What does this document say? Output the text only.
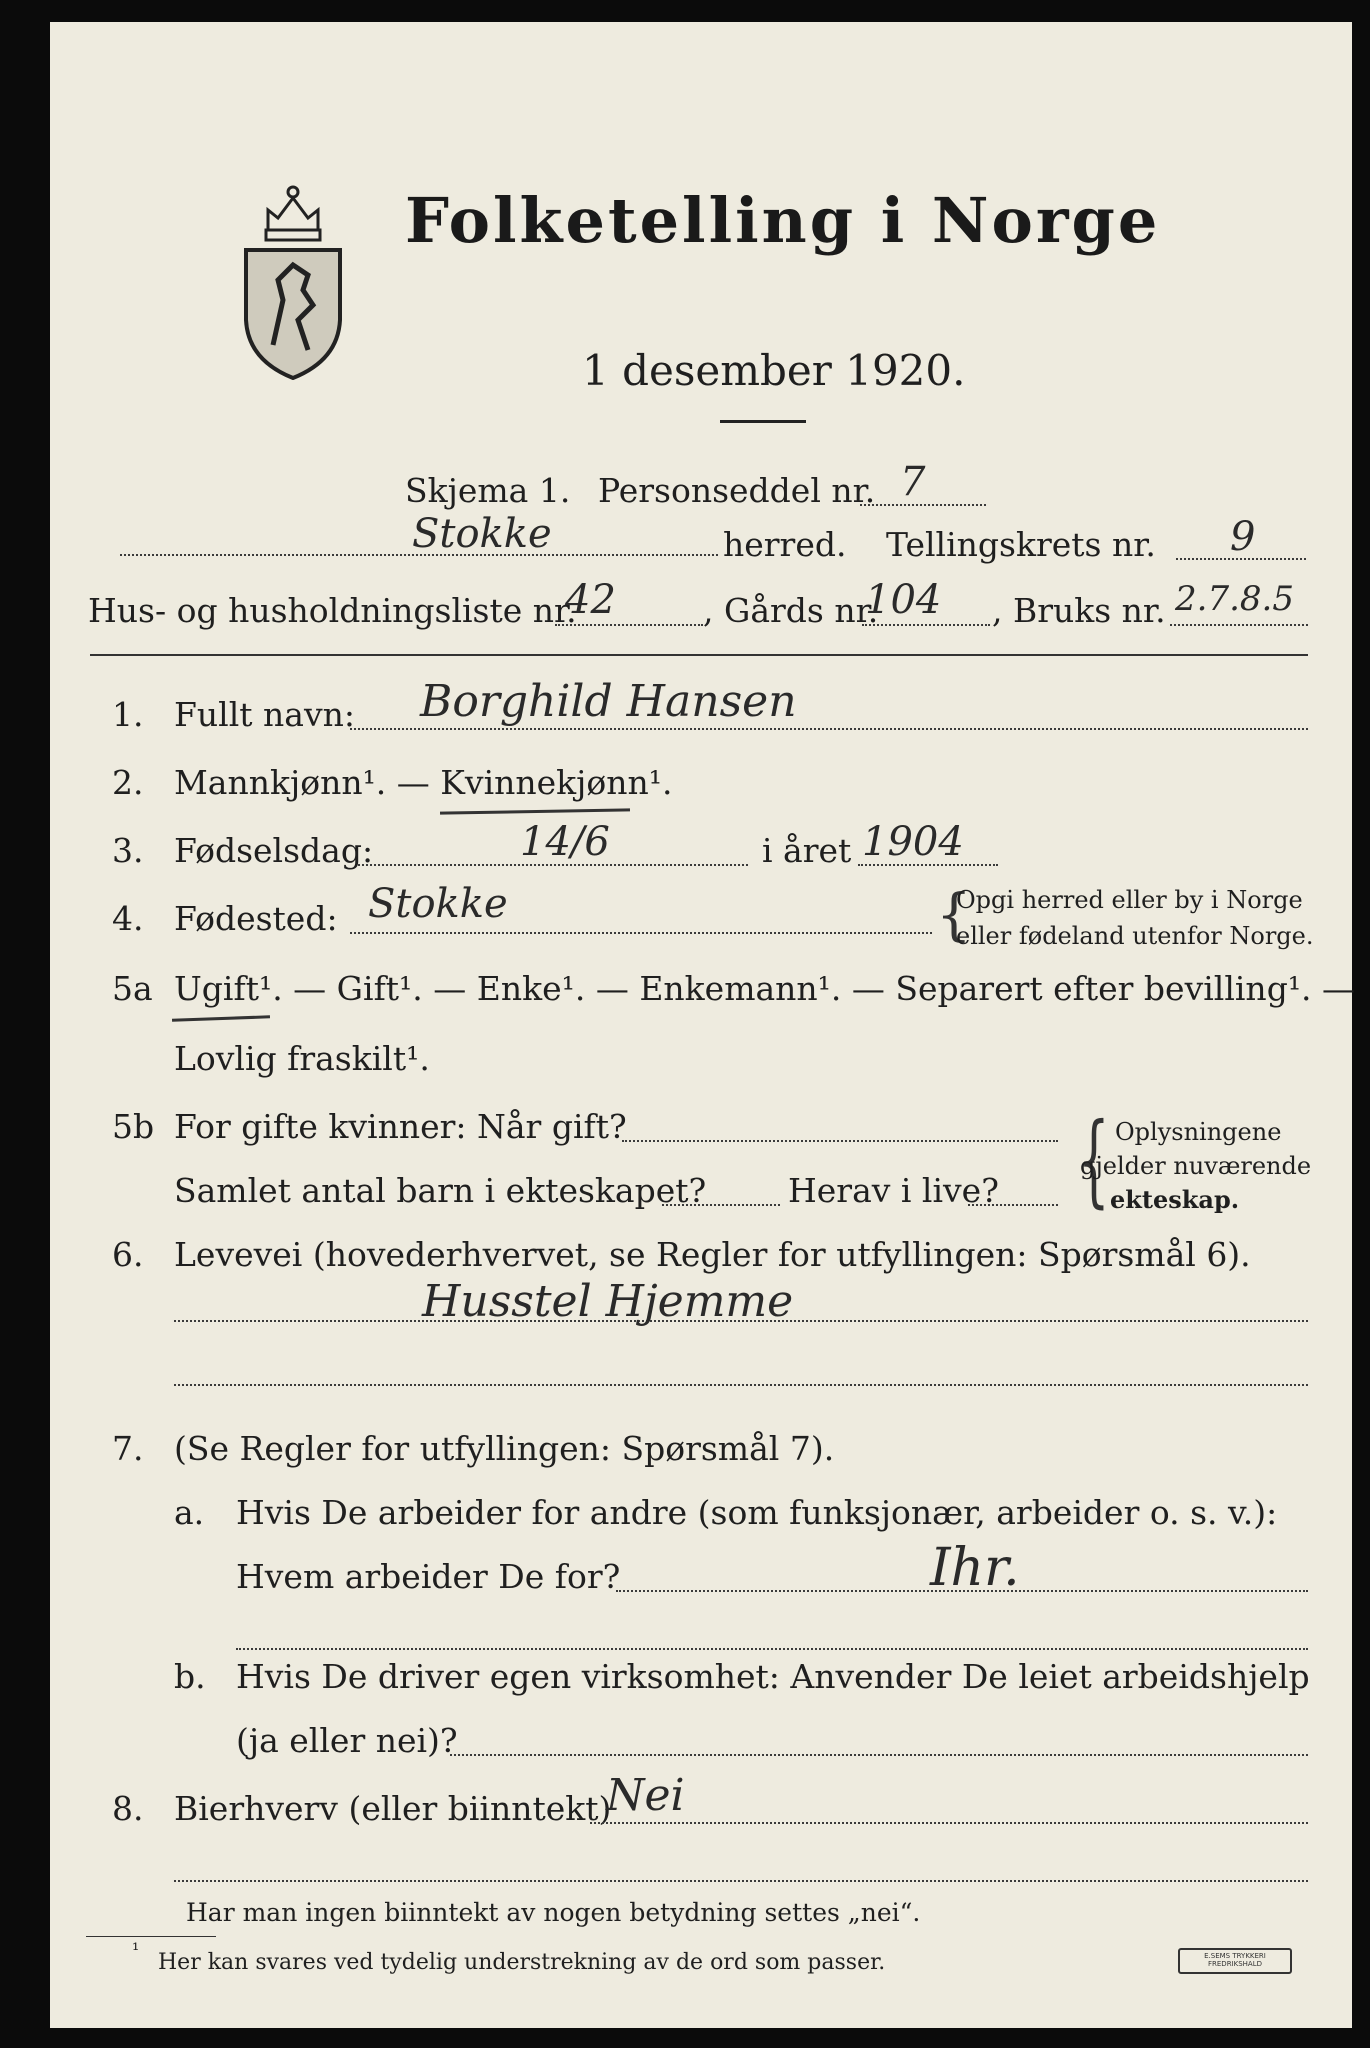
Folketelling i Norge
1 desember 1920.
Skjema 1. Personseddel nr. 7
Stokke	herred. Tellingskrets nr. 9
Hus- og husholdningsliste nr.
42	, Gårds nr.
104 , Bruks nr. 2.7.8.5
1. Fullt navn: Borghild Hansen
2. Mannkjønn¹. — Kvinnekjønn¹.
3. Fødselsdag:	14/6	i året 1904
4. Fødested: Stokke	{
Opgi herred eller by i Norge
eller fødeland utenfor Norge.
5a Ugift¹. — Gift¹. — Enke¹. — Enkemann¹. — Separert efter bevilling¹. —
Lovlig fraskilt¹.
5b For gifte kvinner: Når gift?
Samlet antal barn i ekteskapet? Herav i live? { Oplysningene
gjelder nuværende
ekteskap.
6. Levevei (hovederhvervet, se Regler for utfyllingen: Spørsmål 6).
Husstel Hjemme
7. (Se Regler for utfyllingen: Spørsmål 7).
a. Hvis De arbeider for andre (som funksjonær, arbeider o. s. v.):
Hvem arbeider De for?	Ihr.
b. Hvis De driver egen virksomhet: Anvender De leiet arbeidshjelp
(ja eller nei)?
8. Bierhverv (eller biinntekt)
Nei
Har man ingen biinntekt av nogen betydning settes „nei“.
¹ Her kan svares ved tydelig understrekning av de ord som passer.	E.SEMS TRYKKERI FREDRIKSHALD
